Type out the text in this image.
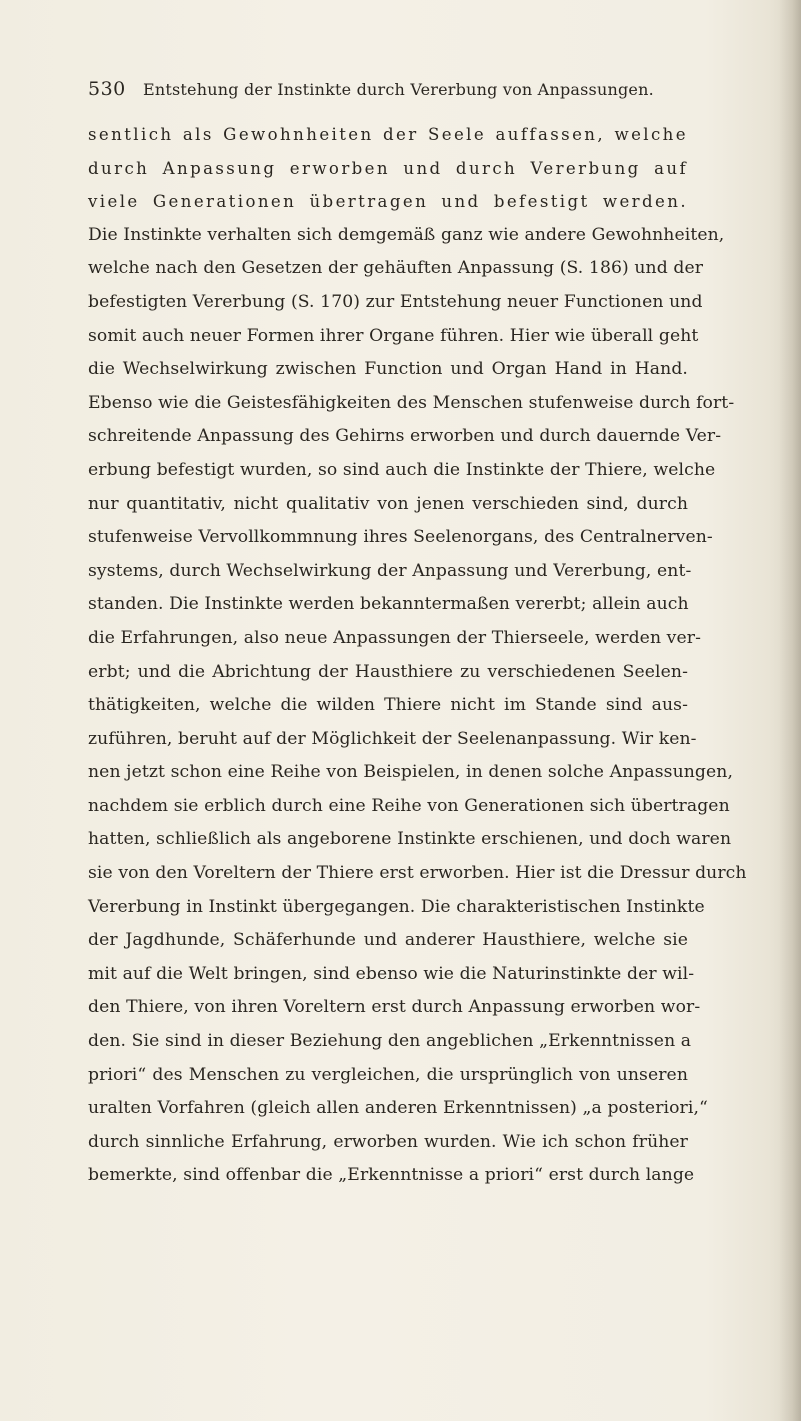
530 Entstehung der Instinkte durch Vererbung von Anpassungen.
sentlich als Gewohnheiten der Seele auffassen, welche
durch Anpassung erworben und durch Vererbung auf
viele Generationen übertragen und befestigt werden.
Die Instinkte verhalten sich demgemäß ganz wie andere Gewohnheiten,
welche nach den Gesetzen der gehäuften Anpassung (S. 186) und der
befestigten Vererbung (S. 170) zur Entstehung neuer Functionen und
somit auch neuer Formen ihrer Organe führen. Hier wie überall geht
die Wechselwirkung zwischen Function und Organ Hand in Hand.
Ebenso wie die Geistesfähigkeiten des Menschen stufenweise durch fort-
schreitende Anpassung des Gehirns erworben und durch dauernde Ver-
erbung befestigt wurden, so sind auch die Instinkte der Thiere, welche
nur quantitativ, nicht qualitativ von jenen verschieden sind, durch
stufenweise Vervollkommnung ihres Seelenorgans, des Centralnerven-
systems, durch Wechselwirkung der Anpassung und Vererbung, ent-
standen. Die Instinkte werden bekanntermaßen vererbt; allein auch
die Erfahrungen, also neue Anpassungen der Thierseele, werden ver-
erbt; und die Abrichtung der Hausthiere zu verschiedenen Seelen-
thätigkeiten, welche die wilden Thiere nicht im Stande sind aus-
zuführen, beruht auf der Möglichkeit der Seelenanpassung. Wir ken-
nen jetzt schon eine Reihe von Beispielen, in denen solche Anpassungen,
nachdem sie erblich durch eine Reihe von Generationen sich übertragen
hatten, schließlich als angeborene Instinkte erschienen, und doch waren
sie von den Voreltern der Thiere erst erworben. Hier ist die Dressur durch
Vererbung in Instinkt übergegangen. Die charakteristischen Instinkte
der Jagdhunde, Schäferhunde und anderer Hausthiere, welche sie
mit auf die Welt bringen, sind ebenso wie die Naturinstinkte der wil-
den Thiere, von ihren Voreltern erst durch Anpassung erworben wor-
den. Sie sind in dieser Beziehung den angeblichen „Erkenntnissen a
priori“ des Menschen zu vergleichen, die ursprünglich von unseren
uralten Vorfahren (gleich allen anderen Erkenntnissen) „a posteriori,“
durch sinnliche Erfahrung, erworben wurden. Wie ich schon früher
bemerkte, sind offenbar die „Erkenntnisse a priori“ erst durch lange
